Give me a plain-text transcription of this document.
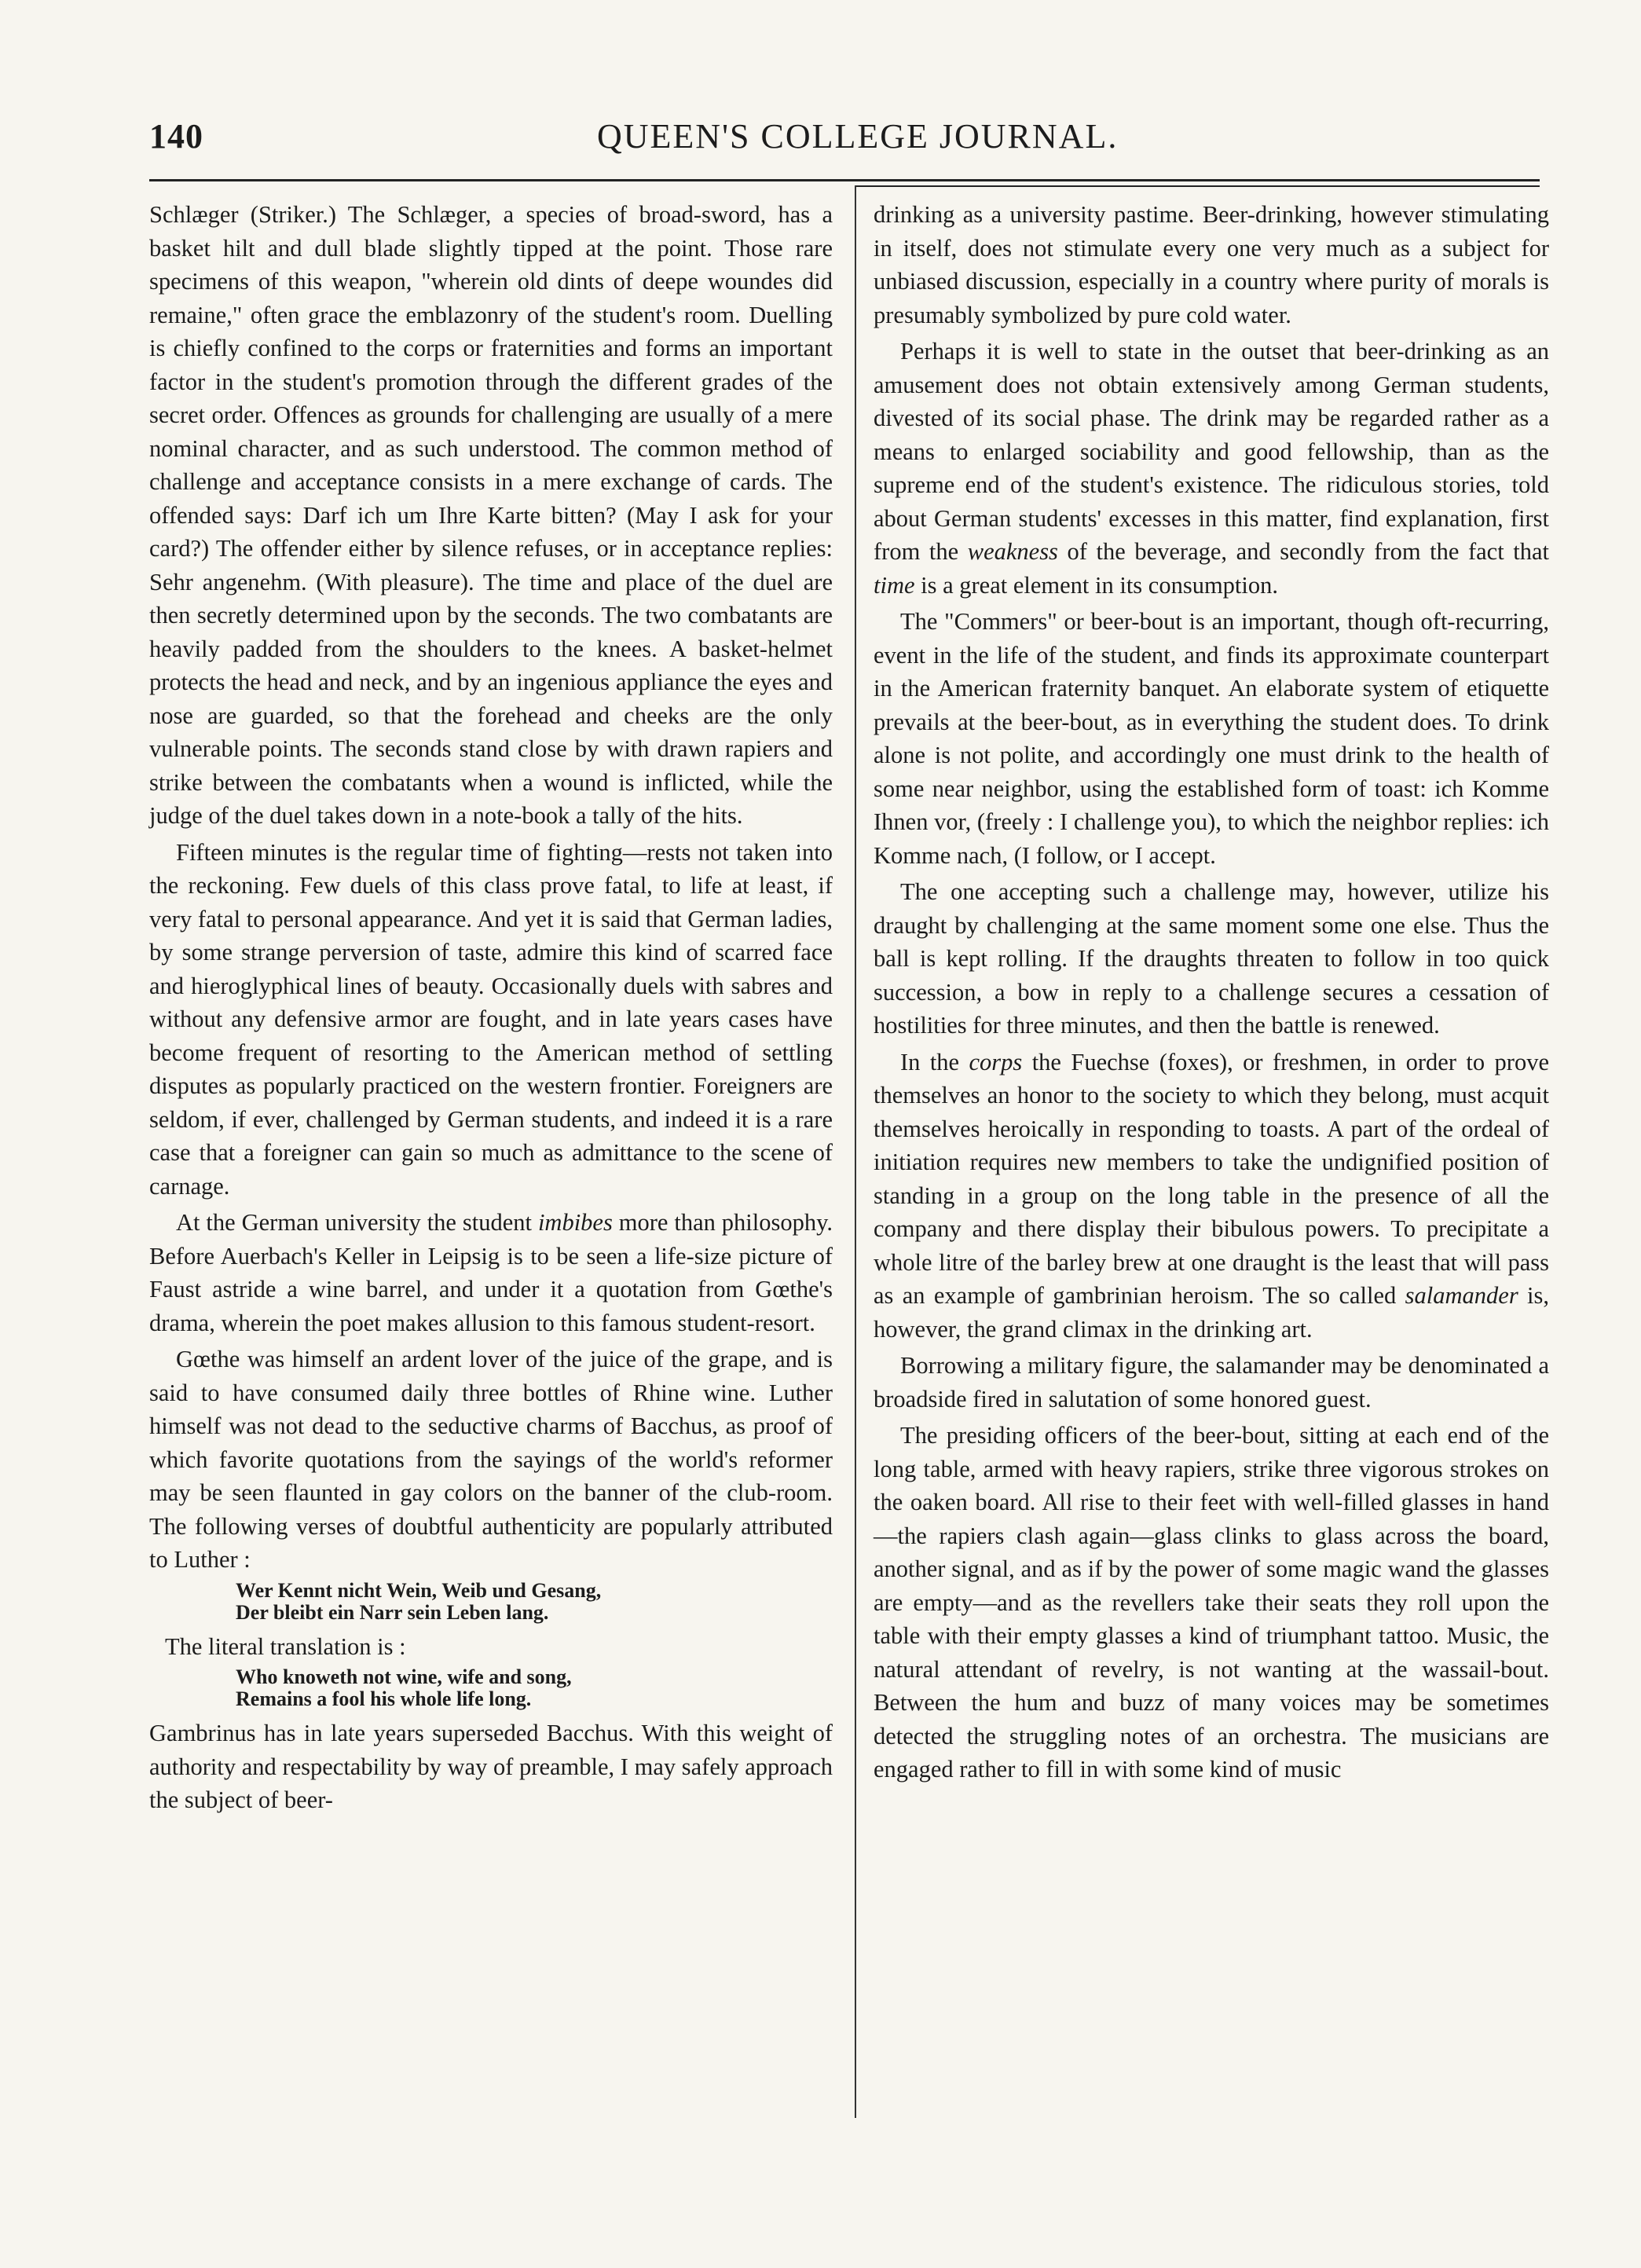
140	QUEEN'S COLLEGE JOURNAL.

Schlæger (Striker.) The Schlæger, a species of broad-sword, has a basket hilt and dull blade slightly tipped at the point. Those rare specimens of this weapon, "wherein old dints of deepe woundes did remaine," often grace the emblazonry of the student's room. Duelling is chiefly confined to the corps or fraternities and forms an important factor in the student's promotion through the different grades of the secret order. Offences as grounds for challenging are usually of a mere nominal character, and as such understood. The common method of challenge and acceptance consists in a mere exchange of cards. The offended says: Darf ich um Ihre Karte bitten? (May I ask for your card?) The offender either by silence refuses, or in acceptance replies: Sehr angenehm. (With pleasure). The time and place of the duel are then secretly determined upon by the seconds. The two combatants are heavily padded from the shoulders to the knees. A basket-helmet protects the head and neck, and by an ingenious appliance the eyes and nose are guarded, so that the forehead and cheeks are the only vulnerable points. The seconds stand close by with drawn rapiers and strike between the combatants when a wound is inflicted, while the judge of the duel takes down in a note-book a tally of the hits.

Fifteen minutes is the regular time of fighting—rests not taken into the reckoning. Few duels of this class prove fatal, to life at least, if very fatal to personal appearance. And yet it is said that German ladies, by some strange perversion of taste, admire this kind of scarred face and hieroglyphical lines of beauty. Occasionally duels with sabres and without any defensive armor are fought, and in late years cases have become frequent of resorting to the American method of settling disputes as popularly practiced on the western frontier. Foreigners are seldom, if ever, challenged by German students, and indeed it is a rare case that a foreigner can gain so much as admittance to the scene of carnage.

At the German university the student imbibes more than philosophy. Before Auerbach's Keller in Leipsig is to be seen a life-size picture of Faust astride a wine barrel, and under it a quotation from Gœthe's drama, wherein the poet makes allusion to this famous student-resort.

Gœthe was himself an ardent lover of the juice of the grape, and is said to have consumed daily three bottles of Rhine wine. Luther himself was not dead to the seductive charms of Bacchus, as proof of which favorite quotations from the sayings of the world's reformer may be seen flaunted in gay colors on the banner of the club-room. The following verses of doubtful authenticity are popularly attributed to Luther :

Wer Kennt nicht Wein, Weib und Gesang,
Der bleibt ein Narr sein Leben lang.

The literal translation is :

Who knoweth not wine, wife and song,
Remains a fool his whole life long.

Gambrinus has in late years superseded Bacchus. With this weight of authority and respectability by way of preamble, I may safely approach the subject of beer-

drinking as a university pastime. Beer-drinking, however stimulating in itself, does not stimulate every one very much as a subject for unbiased discussion, especially in a country where purity of morals is presumably symbolized by pure cold water.

Perhaps it is well to state in the outset that beer-drinking as an amusement does not obtain extensively among German students, divested of its social phase. The drink may be regarded rather as a means to enlarged sociability and good fellowship, than as the supreme end of the student's existence. The ridiculous stories, told about German students' excesses in this matter, find explanation, first from the weakness of the beverage, and secondly from the fact that time is a great element in its consumption.

The "Commers" or beer-bout is an important, though oft-recurring, event in the life of the student, and finds its approximate counterpart in the American fraternity banquet. An elaborate system of etiquette prevails at the beer-bout, as in everything the student does. To drink alone is not polite, and accordingly one must drink to the health of some near neighbor, using the established form of toast: ich Komme Ihnen vor, (freely : I challenge you), to which the neighbor replies: ich Komme nach, (I follow, or I accept.

The one accepting such a challenge may, however, utilize his draught by challenging at the same moment some one else. Thus the ball is kept rolling. If the draughts threaten to follow in too quick succession, a bow in reply to a challenge secures a cessation of hostilities for three minutes, and then the battle is renewed.

In the corps the Fuechse (foxes), or freshmen, in order to prove themselves an honor to the society to which they belong, must acquit themselves heroically in responding to toasts. A part of the ordeal of initiation requires new members to take the undignified position of standing in a group on the long table in the presence of all the company and there display their bibulous powers. To precipitate a whole litre of the barley brew at one draught is the least that will pass as an example of gambrinian heroism. The so called salamander is, however, the grand climax in the drinking art.

Borrowing a military figure, the salamander may be denominated a broadside fired in salutation of some honored guest.

The presiding officers of the beer-bout, sitting at each end of the long table, armed with heavy rapiers, strike three vigorous strokes on the oaken board. All rise to their feet with well-filled glasses in hand—the rapiers clash again—glass clinks to glass across the board, another signal, and as if by the power of some magic wand the glasses are empty—and as the revellers take their seats they roll upon the table with their empty glasses a kind of triumphant tattoo. Music, the natural attendant of revelry, is not wanting at the wassail-bout. Between the hum and buzz of many voices may be sometimes detected the struggling notes of an orchestra. The musicians are engaged rather to fill in with some kind of music
